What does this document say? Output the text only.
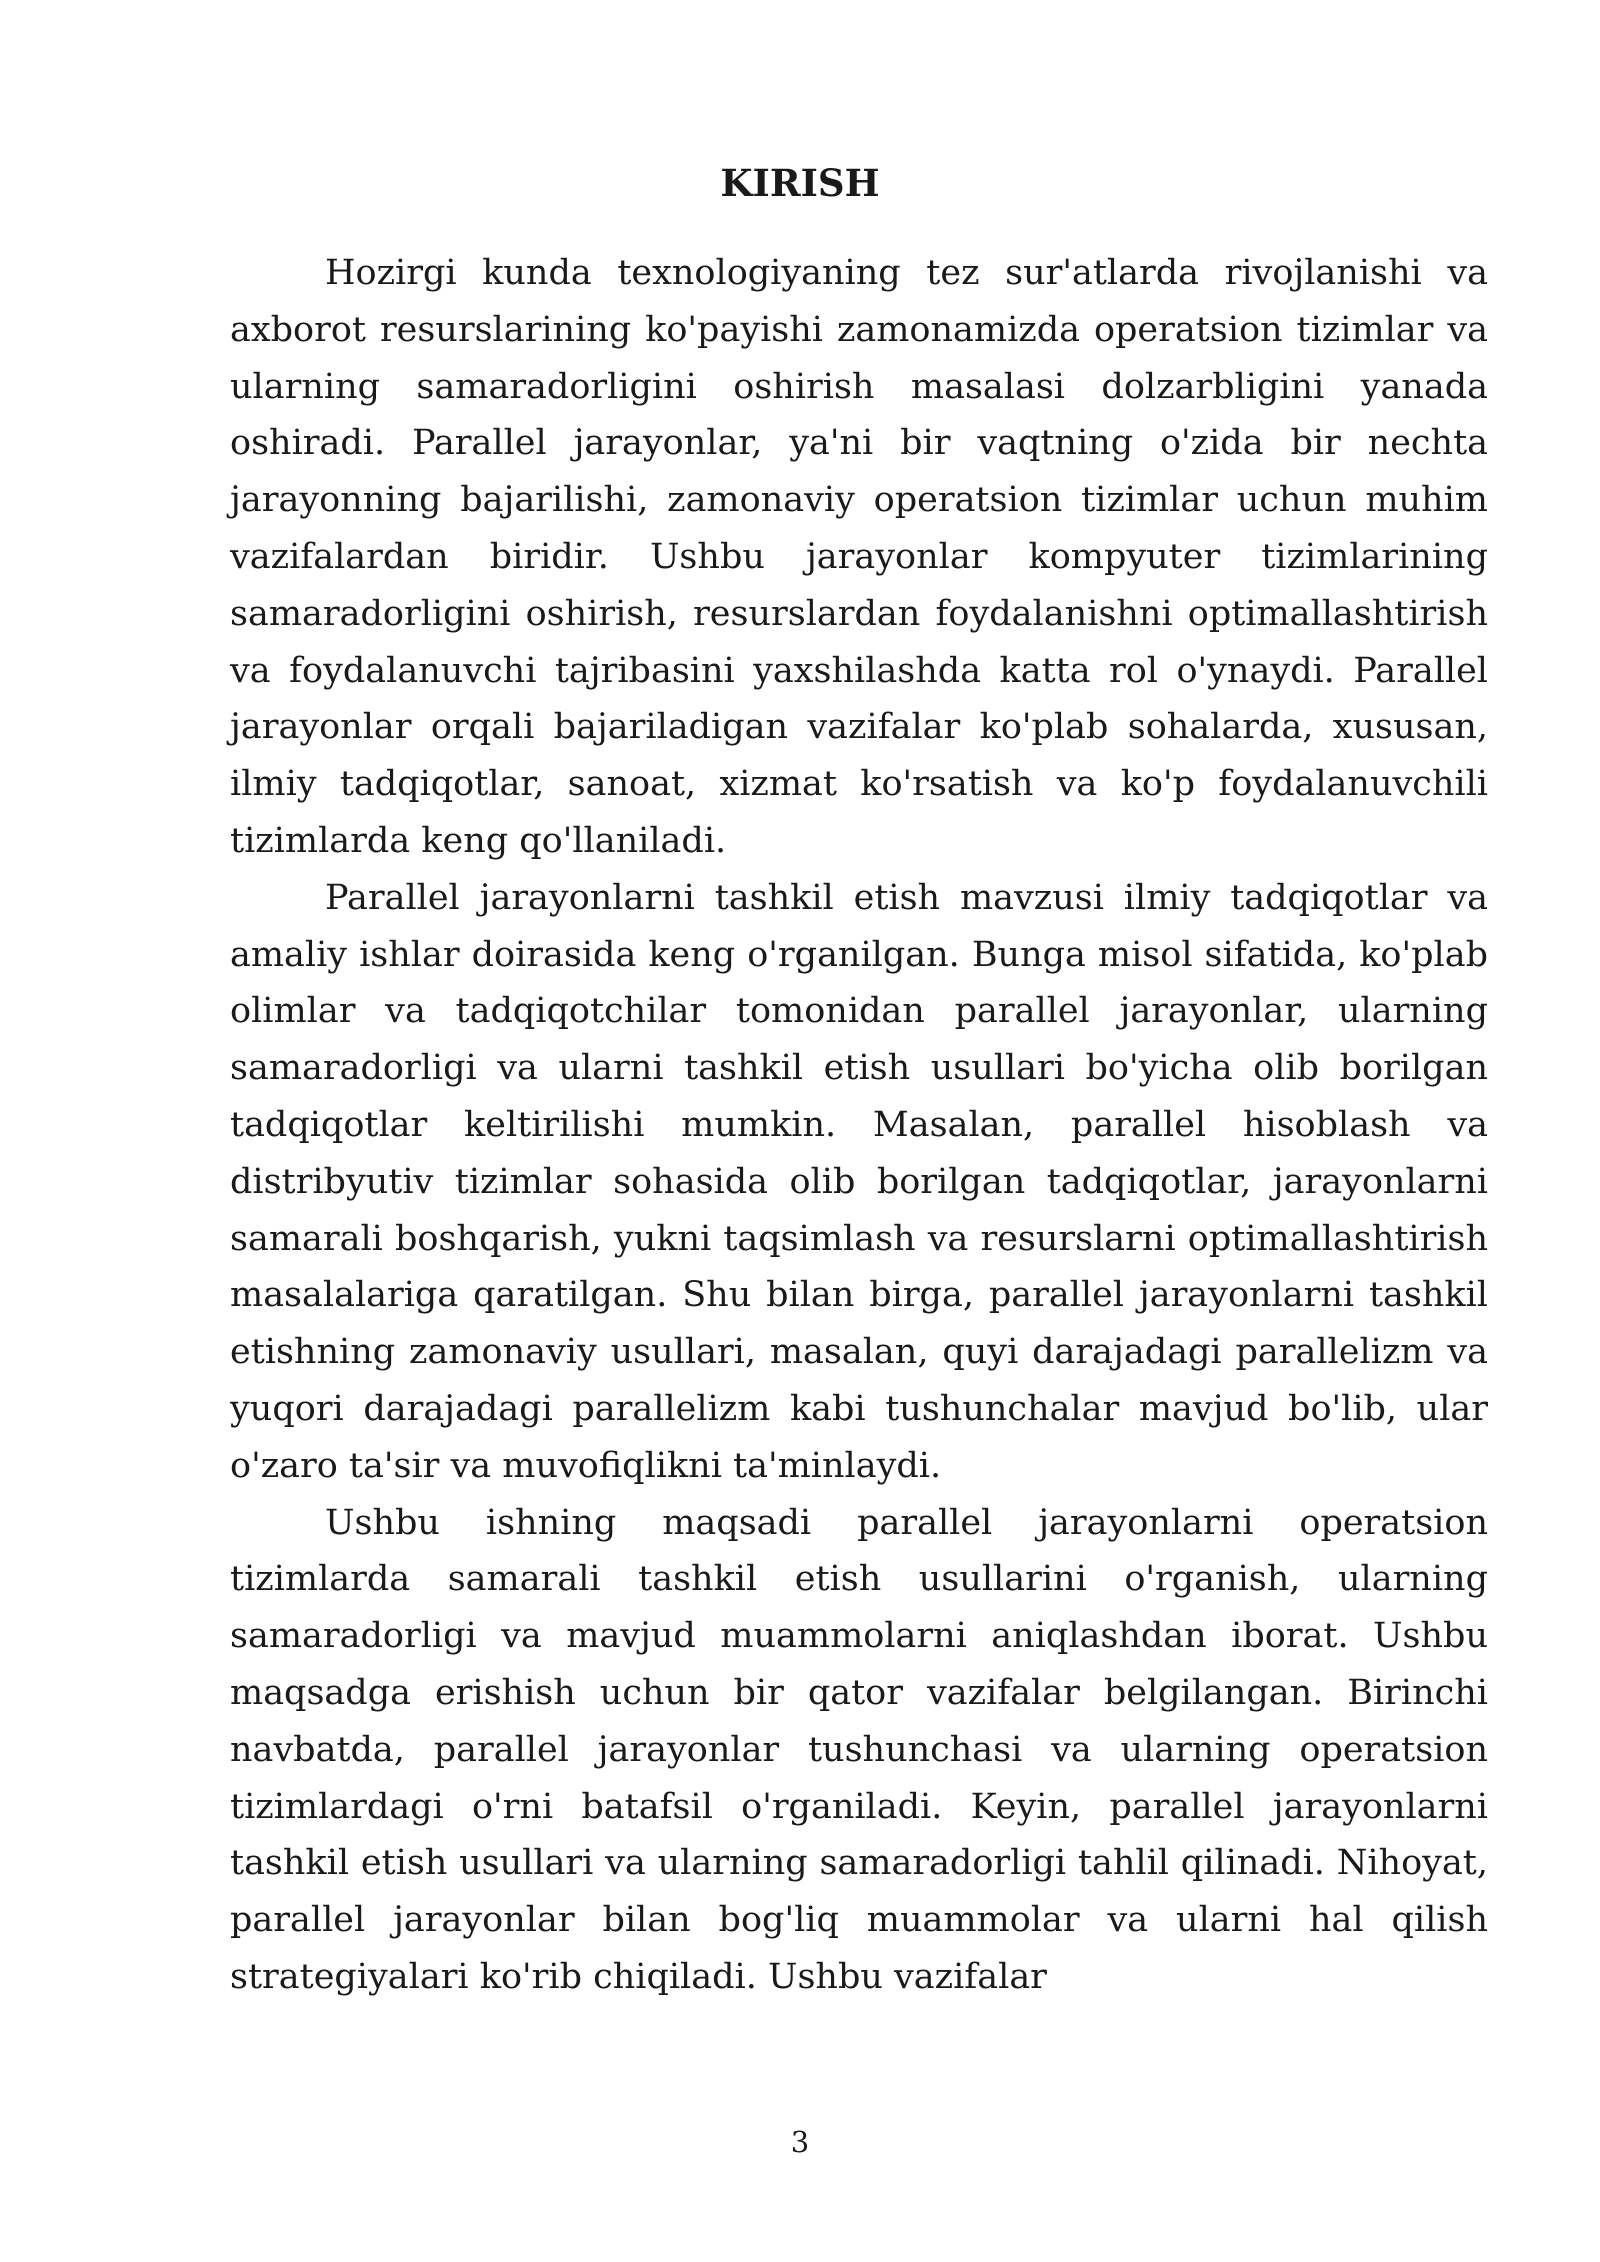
KIRISH

Hozirgi kunda texnologiyaning tez sur'atlarda rivojlanishi va axborot resurslarining ko'payishi zamonamizda operatsion tizimlar va ularning samaradorligini oshirish masalasi dolzarbligini yanada oshiradi. Parallel jarayonlar, ya'ni bir vaqtning o'zida bir nechta jarayonning bajarilishi, zamonaviy operatsion tizimlar uchun muhim vazifalardan biridir. Ushbu jarayonlar kompyuter tizimlarining samaradorligini oshirish, resurslardan foydalanishni optimallashtirish va foydalanuvchi tajribasini yaxshilashda katta rol o'ynaydi. Parallel jarayonlar orqali bajariladigan vazifalar ko'plab sohalarda, xususan, ilmiy tadqiqotlar, sanoat, xizmat ko'rsatish va ko'p foydalanuvchili tizimlarda keng qo'llaniladi.

Parallel jarayonlarni tashkil etish mavzusi ilmiy tadqiqotlar va amaliy ishlar doirasida keng o'rganilgan. Bunga misol sifatida, ko'plab olimlar va tadqiqotchilar tomonidan parallel jarayonlar, ularning samaradorligi va ularni tashkil etish usullari bo'yicha olib borilgan tadqiqotlar keltirilishi mumkin. Masalan, parallel hisoblash va distribyutiv tizimlar sohasida olib borilgan tadqiqotlar, jarayonlarni samarali boshqarish, yukni taqsimlash va resurslarni optimallashtirish masalalariga qaratilgan. Shu bilan birga, parallel jarayonlarni tashkil etishning zamonaviy usullari, masalan, quyi darajadagi parallelizm va yuqori darajadagi parallelizm kabi tushunchalar mavjud bo'lib, ular o'zaro ta'sir va muvofiqlikni ta'minlaydi.

Ushbu ishning maqsadi parallel jarayonlarni operatsion tizimlarda samarali tashkil etish usullarini o'rganish, ularning samaradorligi va mavjud muammolarni aniqlashdan iborat. Ushbu maqsadga erishish uchun bir qator vazifalar belgilangan. Birinchi navbatda, parallel jarayonlar tushunchasi va ularning operatsion tizimlardagi o'rni batafsil o'rganiladi. Keyin, parallel jarayonlarni tashkil etish usullari va ularning samaradorligi tahlil qilinadi. Nihoyat, parallel jarayonlar bilan bog'liq muammolar va ularni hal qilish strategiyalari ko'rib chiqiladi. Ushbu vazifalar

3
